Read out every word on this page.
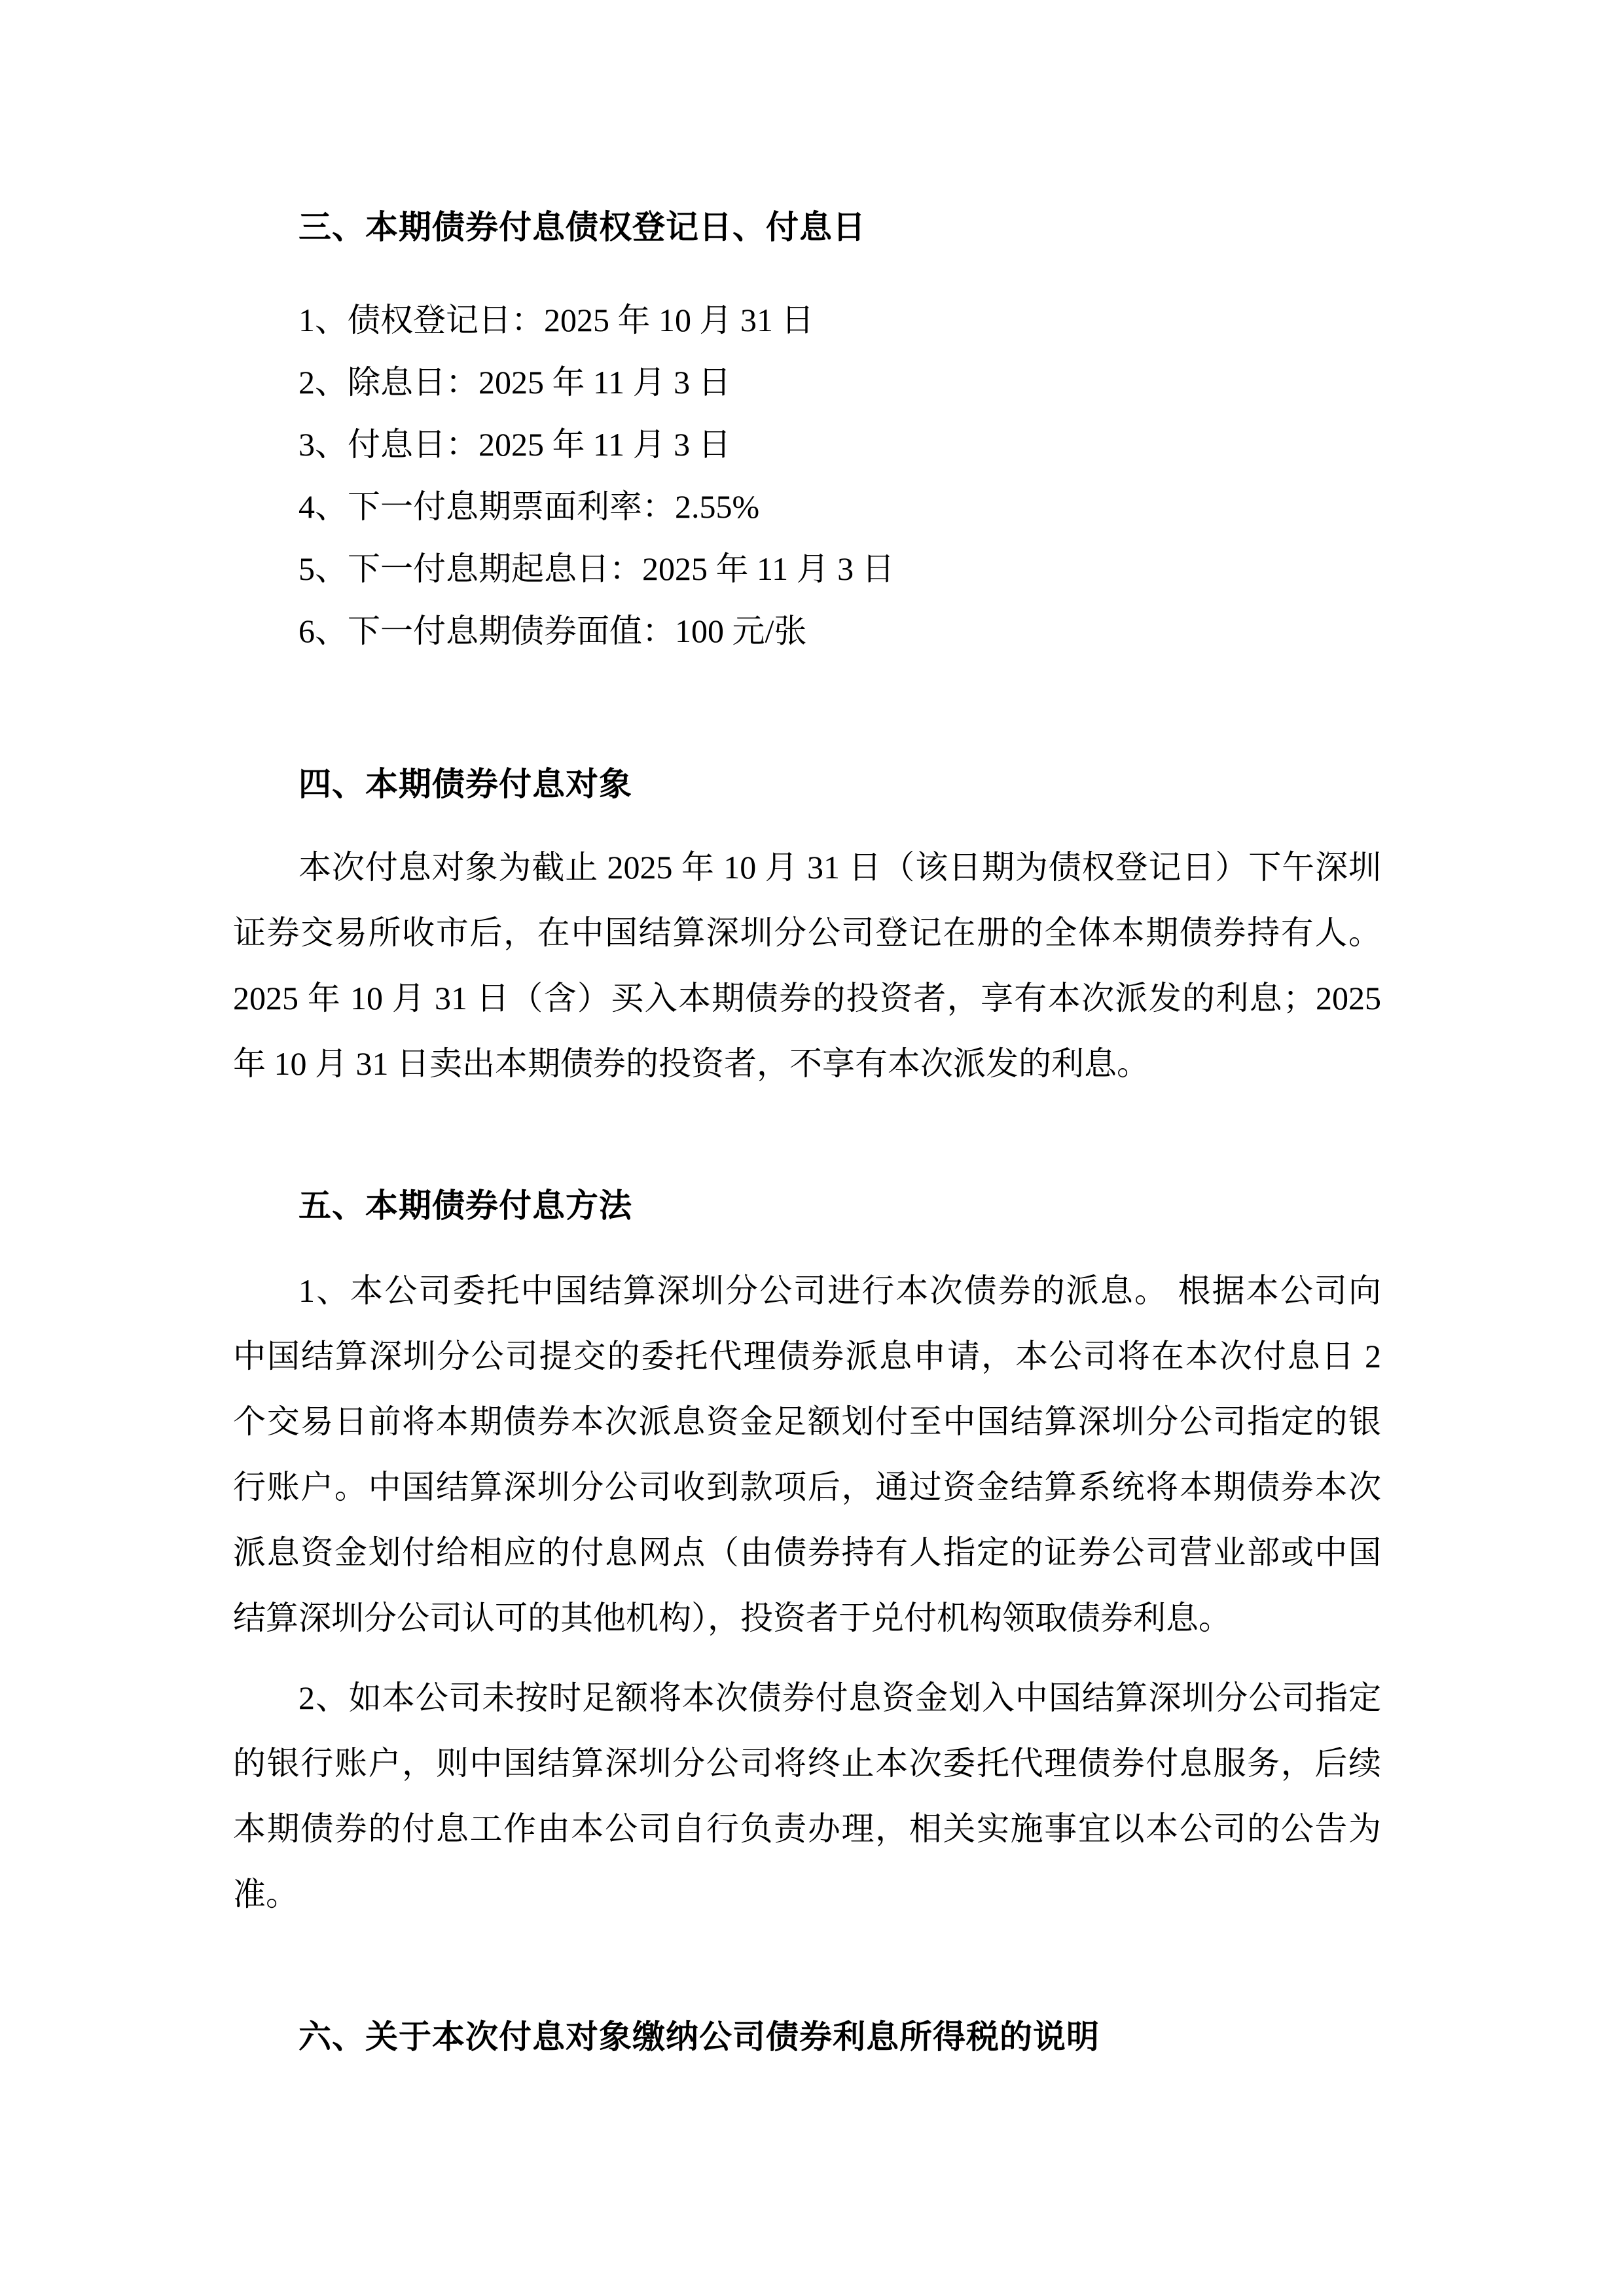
三、本期债券付息债权登记日、付息日
1、债权登记日：2025 年 10 月 31 日
2、除息日：2025 年 11 月 3 日
3、付息日：2025 年 11 月 3 日
4、下一付息期票面利率：2.55%
5、下一付息期起息日：2025 年 11 月 3 日
6、下一付息期债券面值：100 元/张
四、本期债券付息对象
本次付息对象为截止 2025 年 10 月 31 日（该日期为债权登记日）下午深圳
证券交易所收市后，在中国结算深圳分公司登记在册的全体本期债券持有人。
2025 年 10 月 31 日（含）买入本期债券的投资者，享有本次派发的利息；2025
年 10 月 31 日卖出本期债券的投资者，不享有本次派发的利息。
五、本期债券付息方法
1、本公司委托中国结算深圳分公司进行本次债券的派息。 根据本公司向
中国结算深圳分公司提交的委托代理债券派息申请，本公司将在本次付息日 2
个交易日前将本期债券本次派息资金足额划付至中国结算深圳分公司指定的银
行账户。中国结算深圳分公司收到款项后，通过资金结算系统将本期债券本次
派息资金划付给相应的付息网点（由债券持有人指定的证券公司营业部或中国
结算深圳分公司认可的其他机构），投资者于兑付机构领取债券利息。
2、如本公司未按时足额将本次债券付息资金划入中国结算深圳分公司指定
的银行账户，则中国结算深圳分公司将终止本次委托代理债券付息服务，后续
本期债券的付息工作由本公司自行负责办理，相关实施事宜以本公司的公告为
准。
六、关于本次付息对象缴纳公司债券利息所得税的说明
